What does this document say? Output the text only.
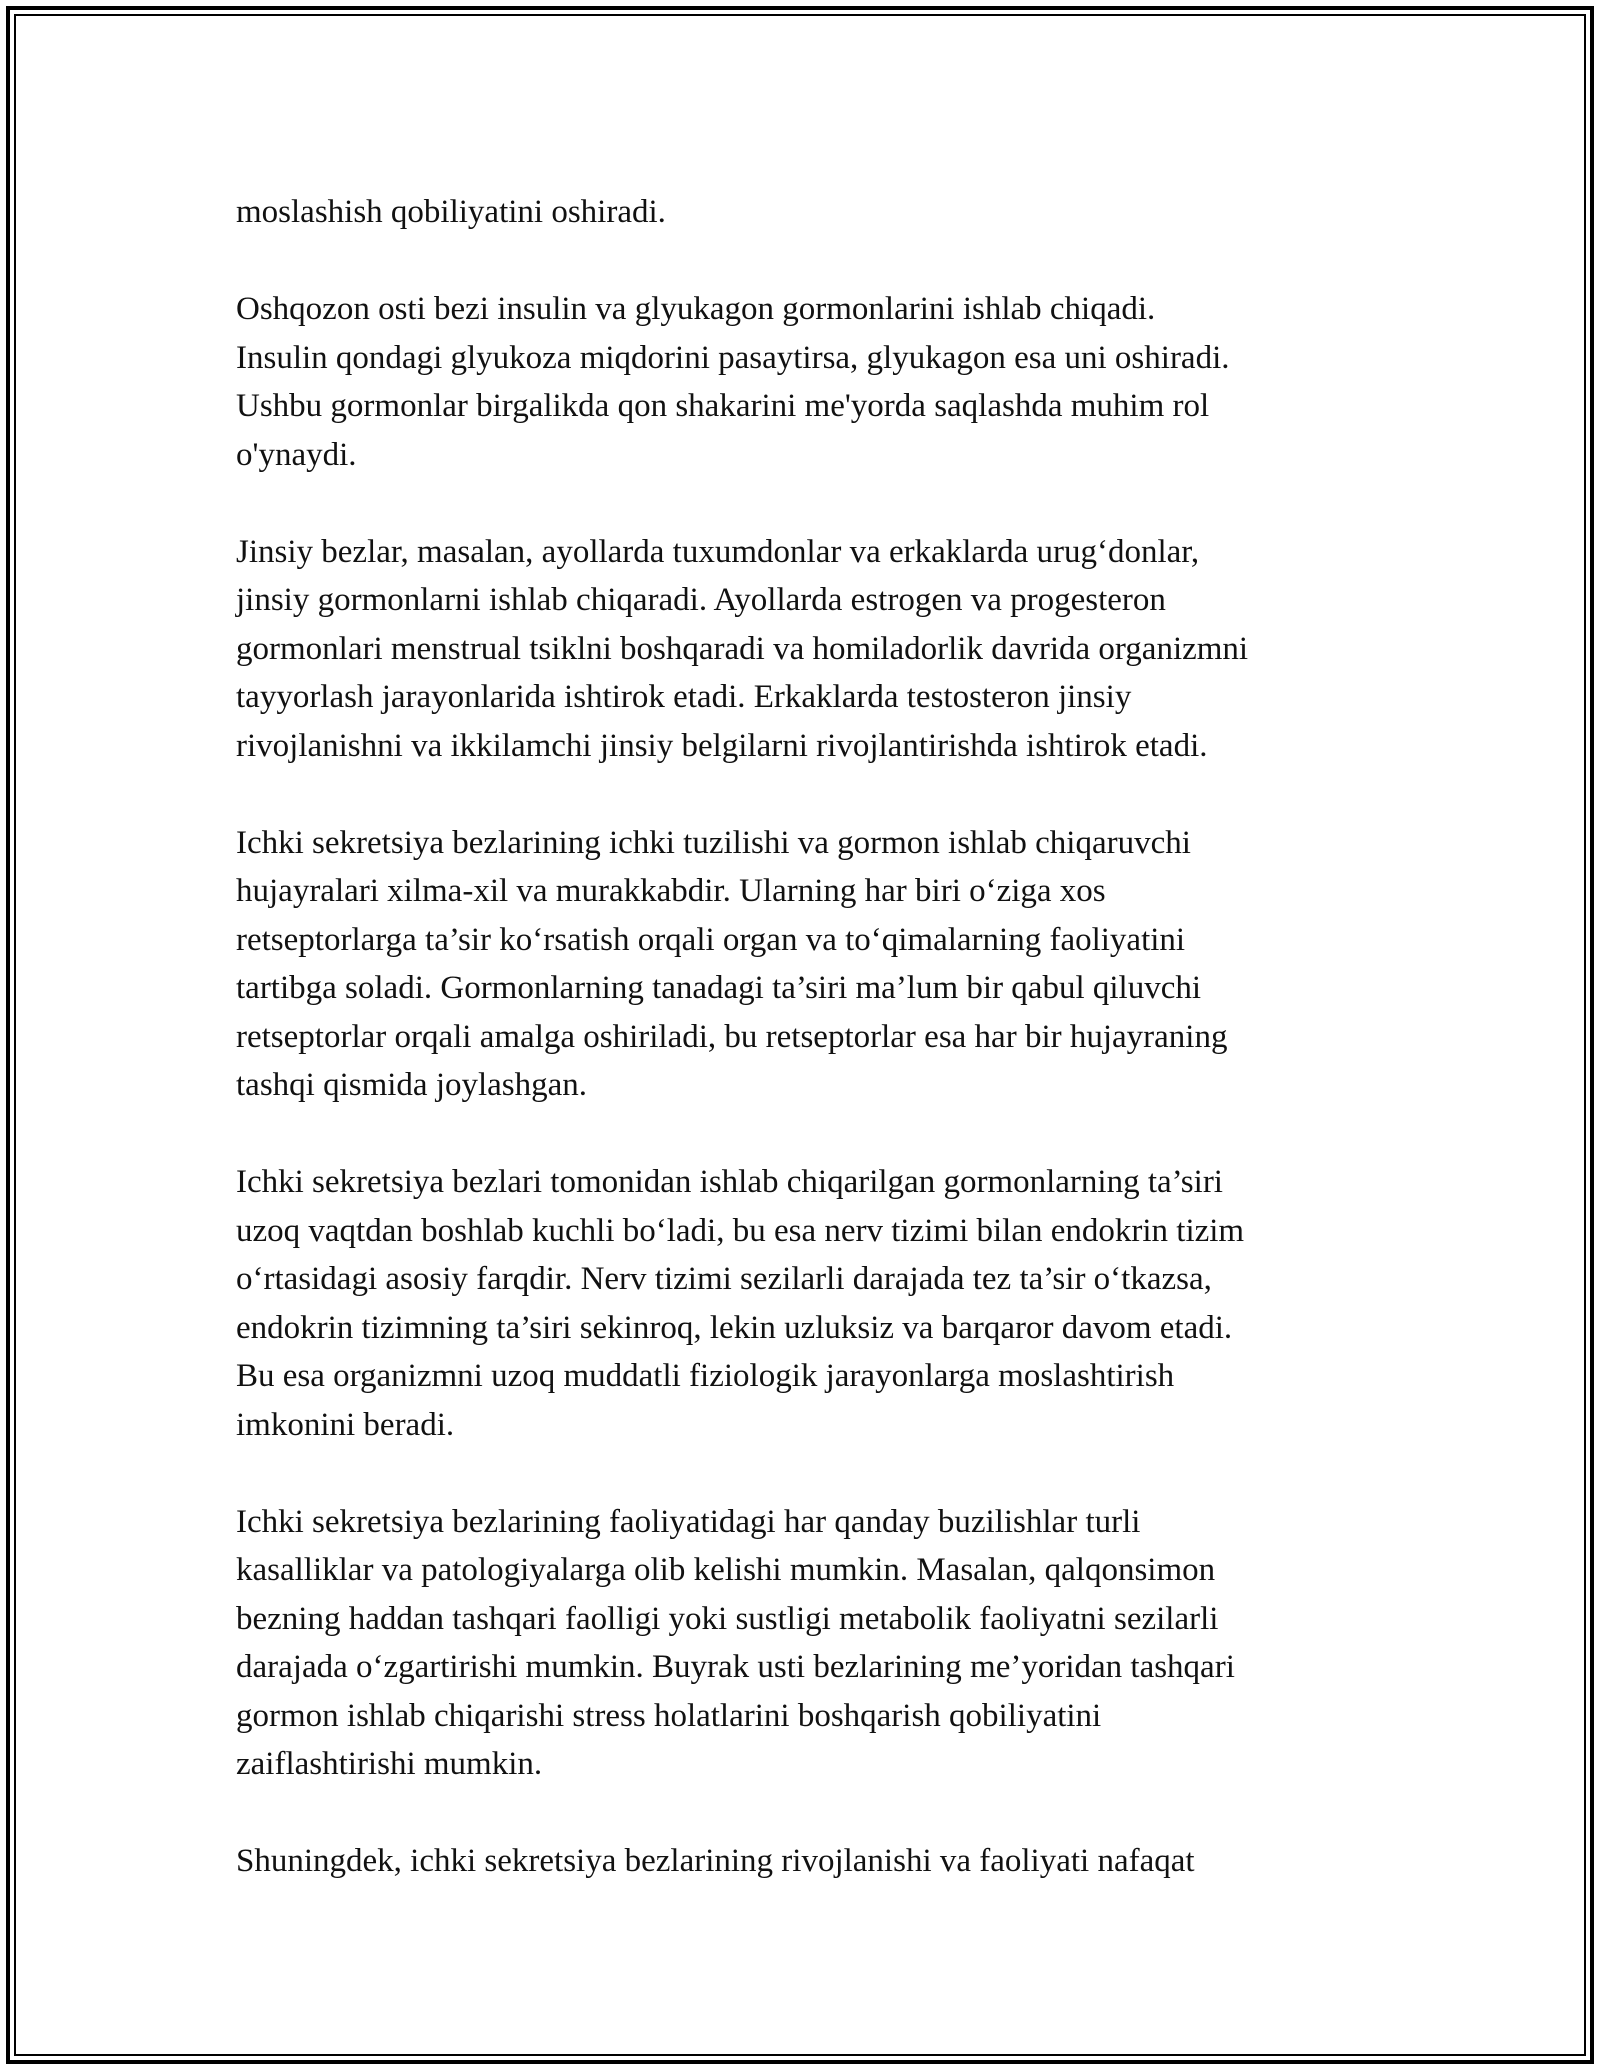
moslashish qobiliyatini oshiradi.

Oshqozon osti bezi insulin va glyukagon gormonlarini ishlab chiqadi.
Insulin qondagi glyukoza miqdorini pasaytirsa, glyukagon esa uni oshiradi.
Ushbu gormonlar birgalikda qon shakarini me'yorda saqlashda muhim rol
o'ynaydi.

Jinsiy bezlar, masalan, ayollarda tuxumdonlar va erkaklarda urug‘donlar,
jinsiy gormonlarni ishlab chiqaradi. Ayollarda estrogen va progesteron
gormonlari menstrual tsiklni boshqaradi va homiladorlik davrida organizmni
tayyorlash jarayonlarida ishtirok etadi. Erkaklarda testosteron jinsiy
rivojlanishni va ikkilamchi jinsiy belgilarni rivojlantirishda ishtirok etadi.

Ichki sekretsiya bezlarining ichki tuzilishi va gormon ishlab chiqaruvchi
hujayralari xilma-xil va murakkabdir. Ularning har biri o‘ziga xos
retseptorlarga ta’sir ko‘rsatish orqali organ va to‘qimalarning faoliyatini
tartibga soladi. Gormonlarning tanadagi ta’siri ma’lum bir qabul qiluvchi
retseptorlar orqali amalga oshiriladi, bu retseptorlar esa har bir hujayraning
tashqi qismida joylashgan.

Ichki sekretsiya bezlari tomonidan ishlab chiqarilgan gormonlarning ta’siri
uzoq vaqtdan boshlab kuchli bo‘ladi, bu esa nerv tizimi bilan endokrin tizim
o‘rtasidagi asosiy farqdir. Nerv tizimi sezilarli darajada tez ta’sir o‘tkazsa,
endokrin tizimning ta’siri sekinroq, lekin uzluksiz va barqaror davom etadi.
Bu esa organizmni uzoq muddatli fiziologik jarayonlarga moslashtirish
imkonini beradi.

Ichki sekretsiya bezlarining faoliyatidagi har qanday buzilishlar turli
kasalliklar va patologiyalarga olib kelishi mumkin. Masalan, qalqonsimon
bezning haddan tashqari faolligi yoki sustligi metabolik faoliyatni sezilarli
darajada o‘zgartirishi mumkin. Buyrak usti bezlarining me’yoridan tashqari
gormon ishlab chiqarishi stress holatlarini boshqarish qobiliyatini
zaiflashtirishi mumkin.

Shuningdek, ichki sekretsiya bezlarining rivojlanishi va faoliyati nafaqat
